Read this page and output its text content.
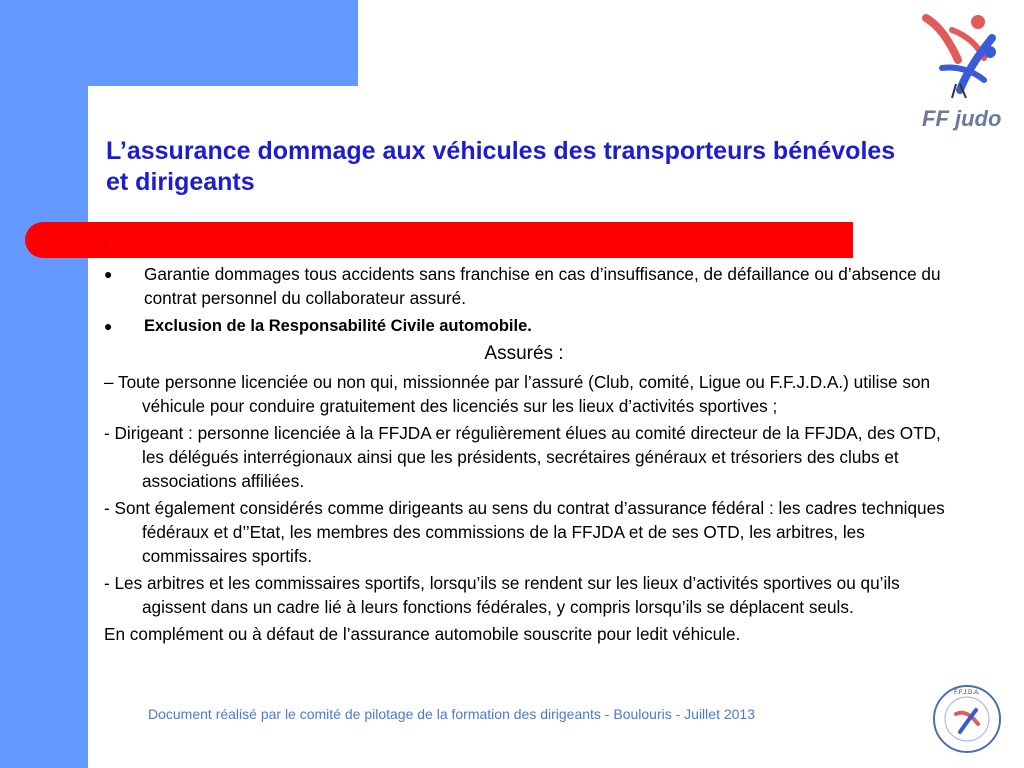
FF judo
L’assurance dommage aux véhicules des transporteurs bénévoles et dirigeants
:
● Garantie dommages tous accidents sans franchise en cas d’insuffisance, de défaillance ou d’absence du contrat personnel du collaborateur assuré.
● Exclusion de la Responsabilité Civile automobile.
Assurés :
– Toute personne licenciée ou non qui, missionnée par l’assuré (Club, comité, Ligue ou F.F.J.D.A.) utilise son véhicule pour conduire gratuitement des licenciés sur les lieux d’activités sportives ;
- Dirigeant : personne licenciée à la FFJDA er régulièrement élues au comité directeur de la FFJDA, des OTD, les délégués interrégionaux ainsi que les présidents, secrétaires généraux et trésoriers des clubs et associations affiliées.
- Sont également considérés comme dirigeants au sens du contrat d’assurance fédéral : les cadres techniques fédéraux et d’’Etat, les membres des commissions de la FFJDA et de ses OTD, les arbitres, les commissaires sportifs.
- Les arbitres et les commissaires sportifs, lorsqu’ils se rendent sur les lieux d’activités sportives ou qu’ils agissent dans un cadre lié à leurs fonctions fédérales, y compris lorsqu’ils se déplacent seuls.
En complément ou à défaut de l’assurance automobile souscrite pour ledit véhicule.
Document réalisé par le comité de pilotage de la formation des dirigeants - Boulouris - Juillet 2013
F.F.J.D.A.
